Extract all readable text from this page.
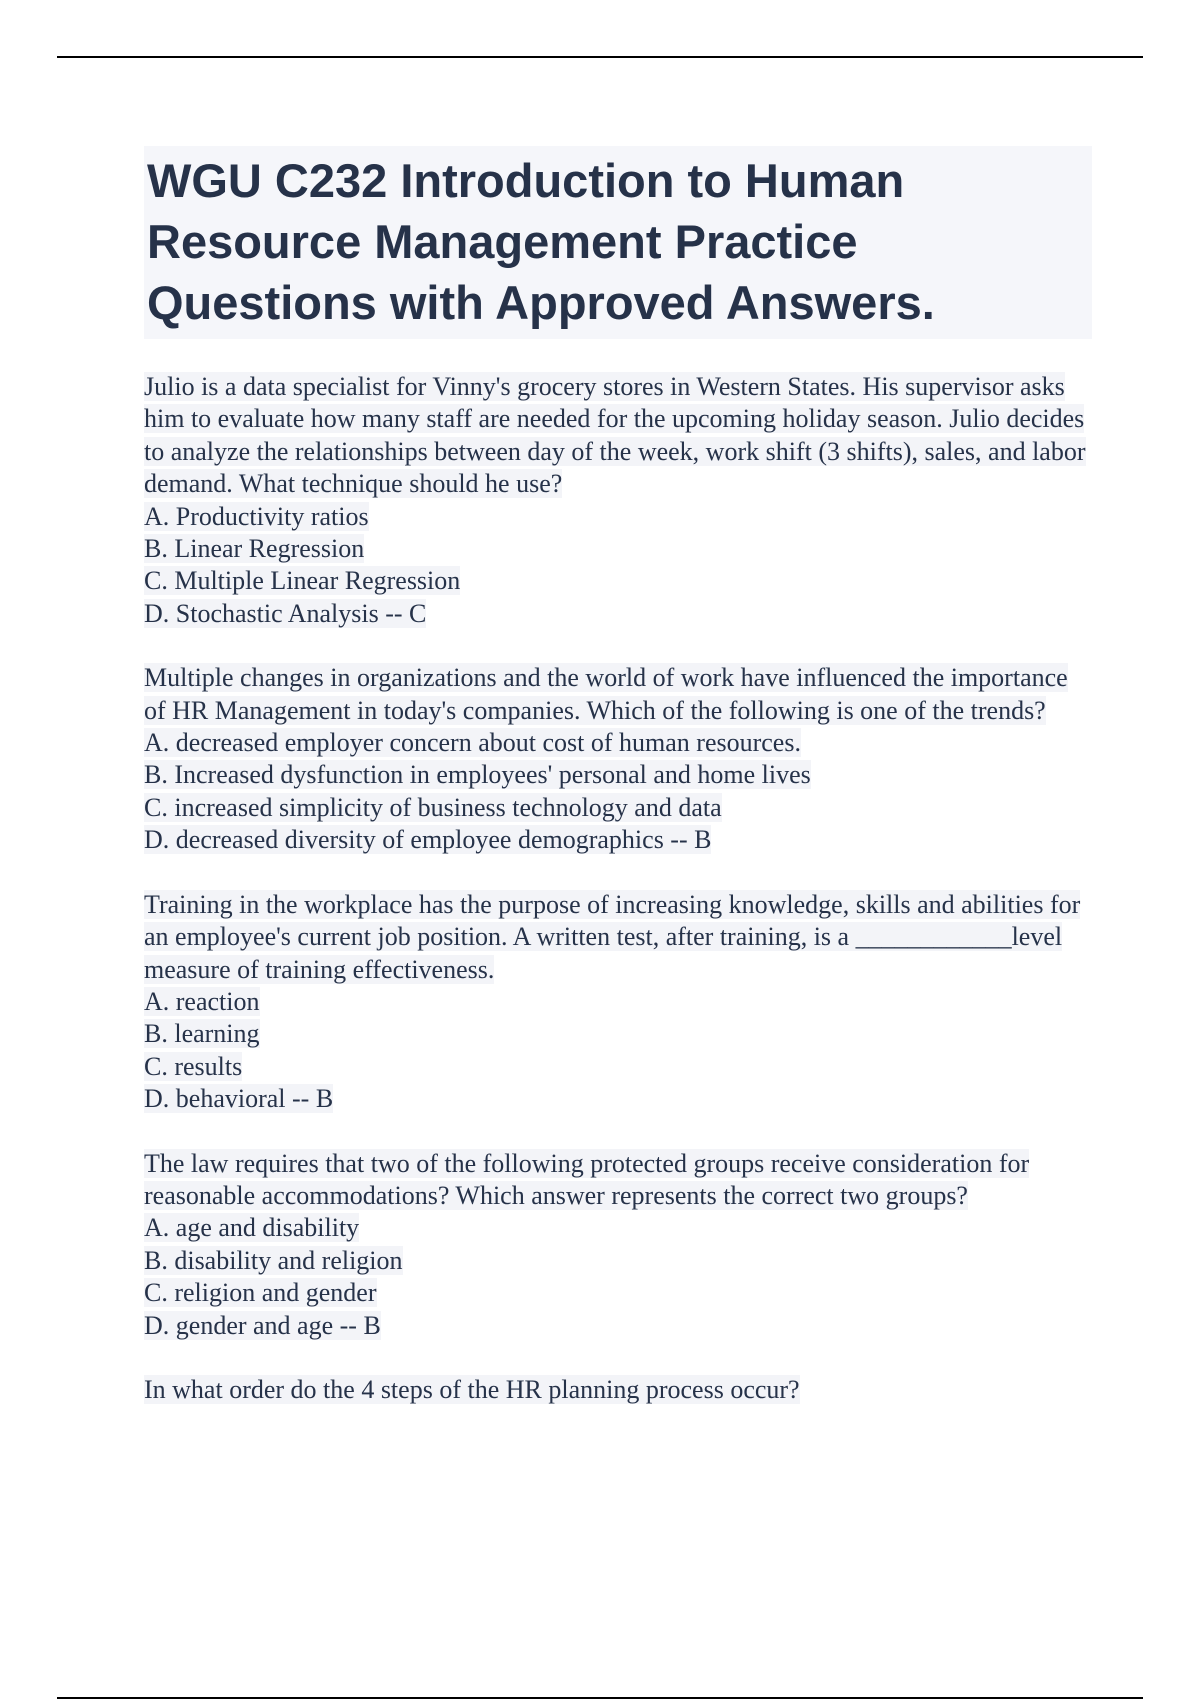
WGU C232 Introduction to Human Resource Management Practice Questions with Approved Answers.
Julio is a data specialist for Vinny's grocery stores in Western States. His supervisor asks him to evaluate how many staff are needed for the upcoming holiday season. Julio decides to analyze the relationships between day of the week, work shift (3 shifts), sales, and labor demand. What technique should he use?
A. Productivity ratios
B. Linear Regression
C. Multiple Linear Regression
D. Stochastic Analysis -- C
Multiple changes in organizations and the world of work have influenced the importance of HR Management in today's companies. Which of the following is one of the trends?
A. decreased employer concern about cost of human resources.
B. Increased dysfunction in employees' personal and home lives
C. increased simplicity of business technology and data
D. decreased diversity of employee demographics -- B
Training in the workplace has the purpose of increasing knowledge, skills and abilities for an employee's current job position. A written test, after training, is a ____________level measure of training effectiveness.
A. reaction
B. learning
C. results
D. behavioral -- B
The law requires that two of the following protected groups receive consideration for reasonable accommodations? Which answer represents the correct two groups?
A. age and disability
B. disability and religion
C. religion and gender
D. gender and age -- B
In what order do the 4 steps of the HR planning process occur?
